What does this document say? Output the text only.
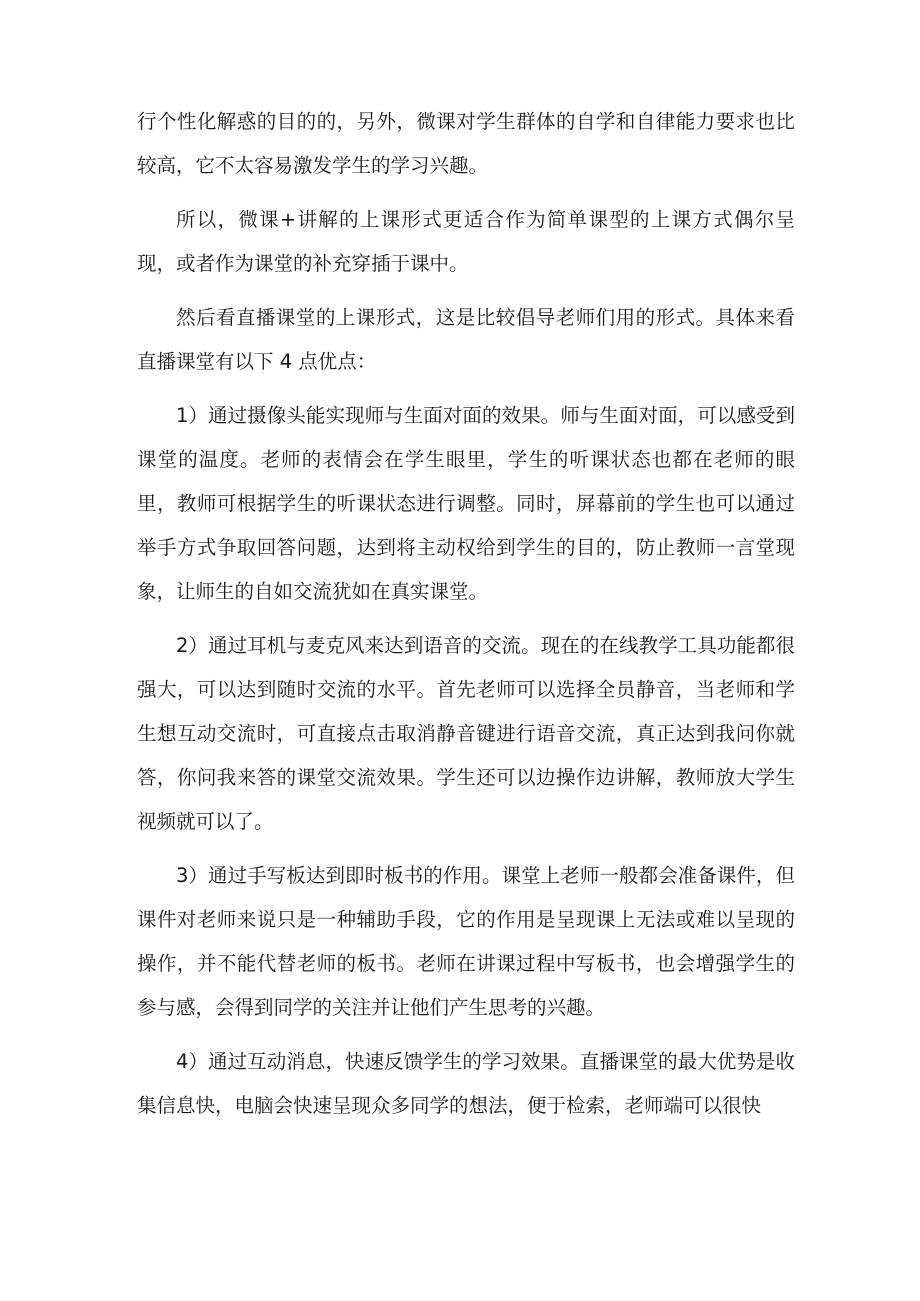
行个性化解惑的目的的，另外，微课对学生群体的自学和自律能力要求也比较高，它不太容易激发学生的学习兴趣。

所以，微课+讲解的上课形式更适合作为简单课型的上课方式偶尔呈现，或者作为课堂的补充穿插于课中。

然后看直播课堂的上课形式，这是比较倡导老师们用的形式。具体来看直播课堂有以下 4 点优点：

1）通过摄像头能实现师与生面对面的效果。师与生面对面，可以感受到课堂的温度。老师的表情会在学生眼里，学生的听课状态也都在老师的眼里，教师可根据学生的听课状态进行调整。同时，屏幕前的学生也可以通过举手方式争取回答问题，达到将主动权给到学生的目的，防止教师一言堂现象，让师生的自如交流犹如在真实课堂。

2）通过耳机与麦克风来达到语音的交流。现在的在线教学工具功能都很强大，可以达到随时交流的水平。首先老师可以选择全员静音，当老师和学生想互动交流时，可直接点击取消静音键进行语音交流，真正达到我问你就答，你问我来答的课堂交流效果。学生还可以边操作边讲解，教师放大学生视频就可以了。

3）通过手写板达到即时板书的作用。课堂上老师一般都会准备课件，但课件对老师来说只是一种辅助手段，它的作用是呈现课上无法或难以呈现的操作，并不能代替老师的板书。老师在讲课过程中写板书，也会增强学生的参与感，会得到同学的关注并让他们产生思考的兴趣。

4）通过互动消息，快速反馈学生的学习效果。直播课堂的最大优势是收集信息快，电脑会快速呈现众多同学的想法，便于检索，老师端可以很快
